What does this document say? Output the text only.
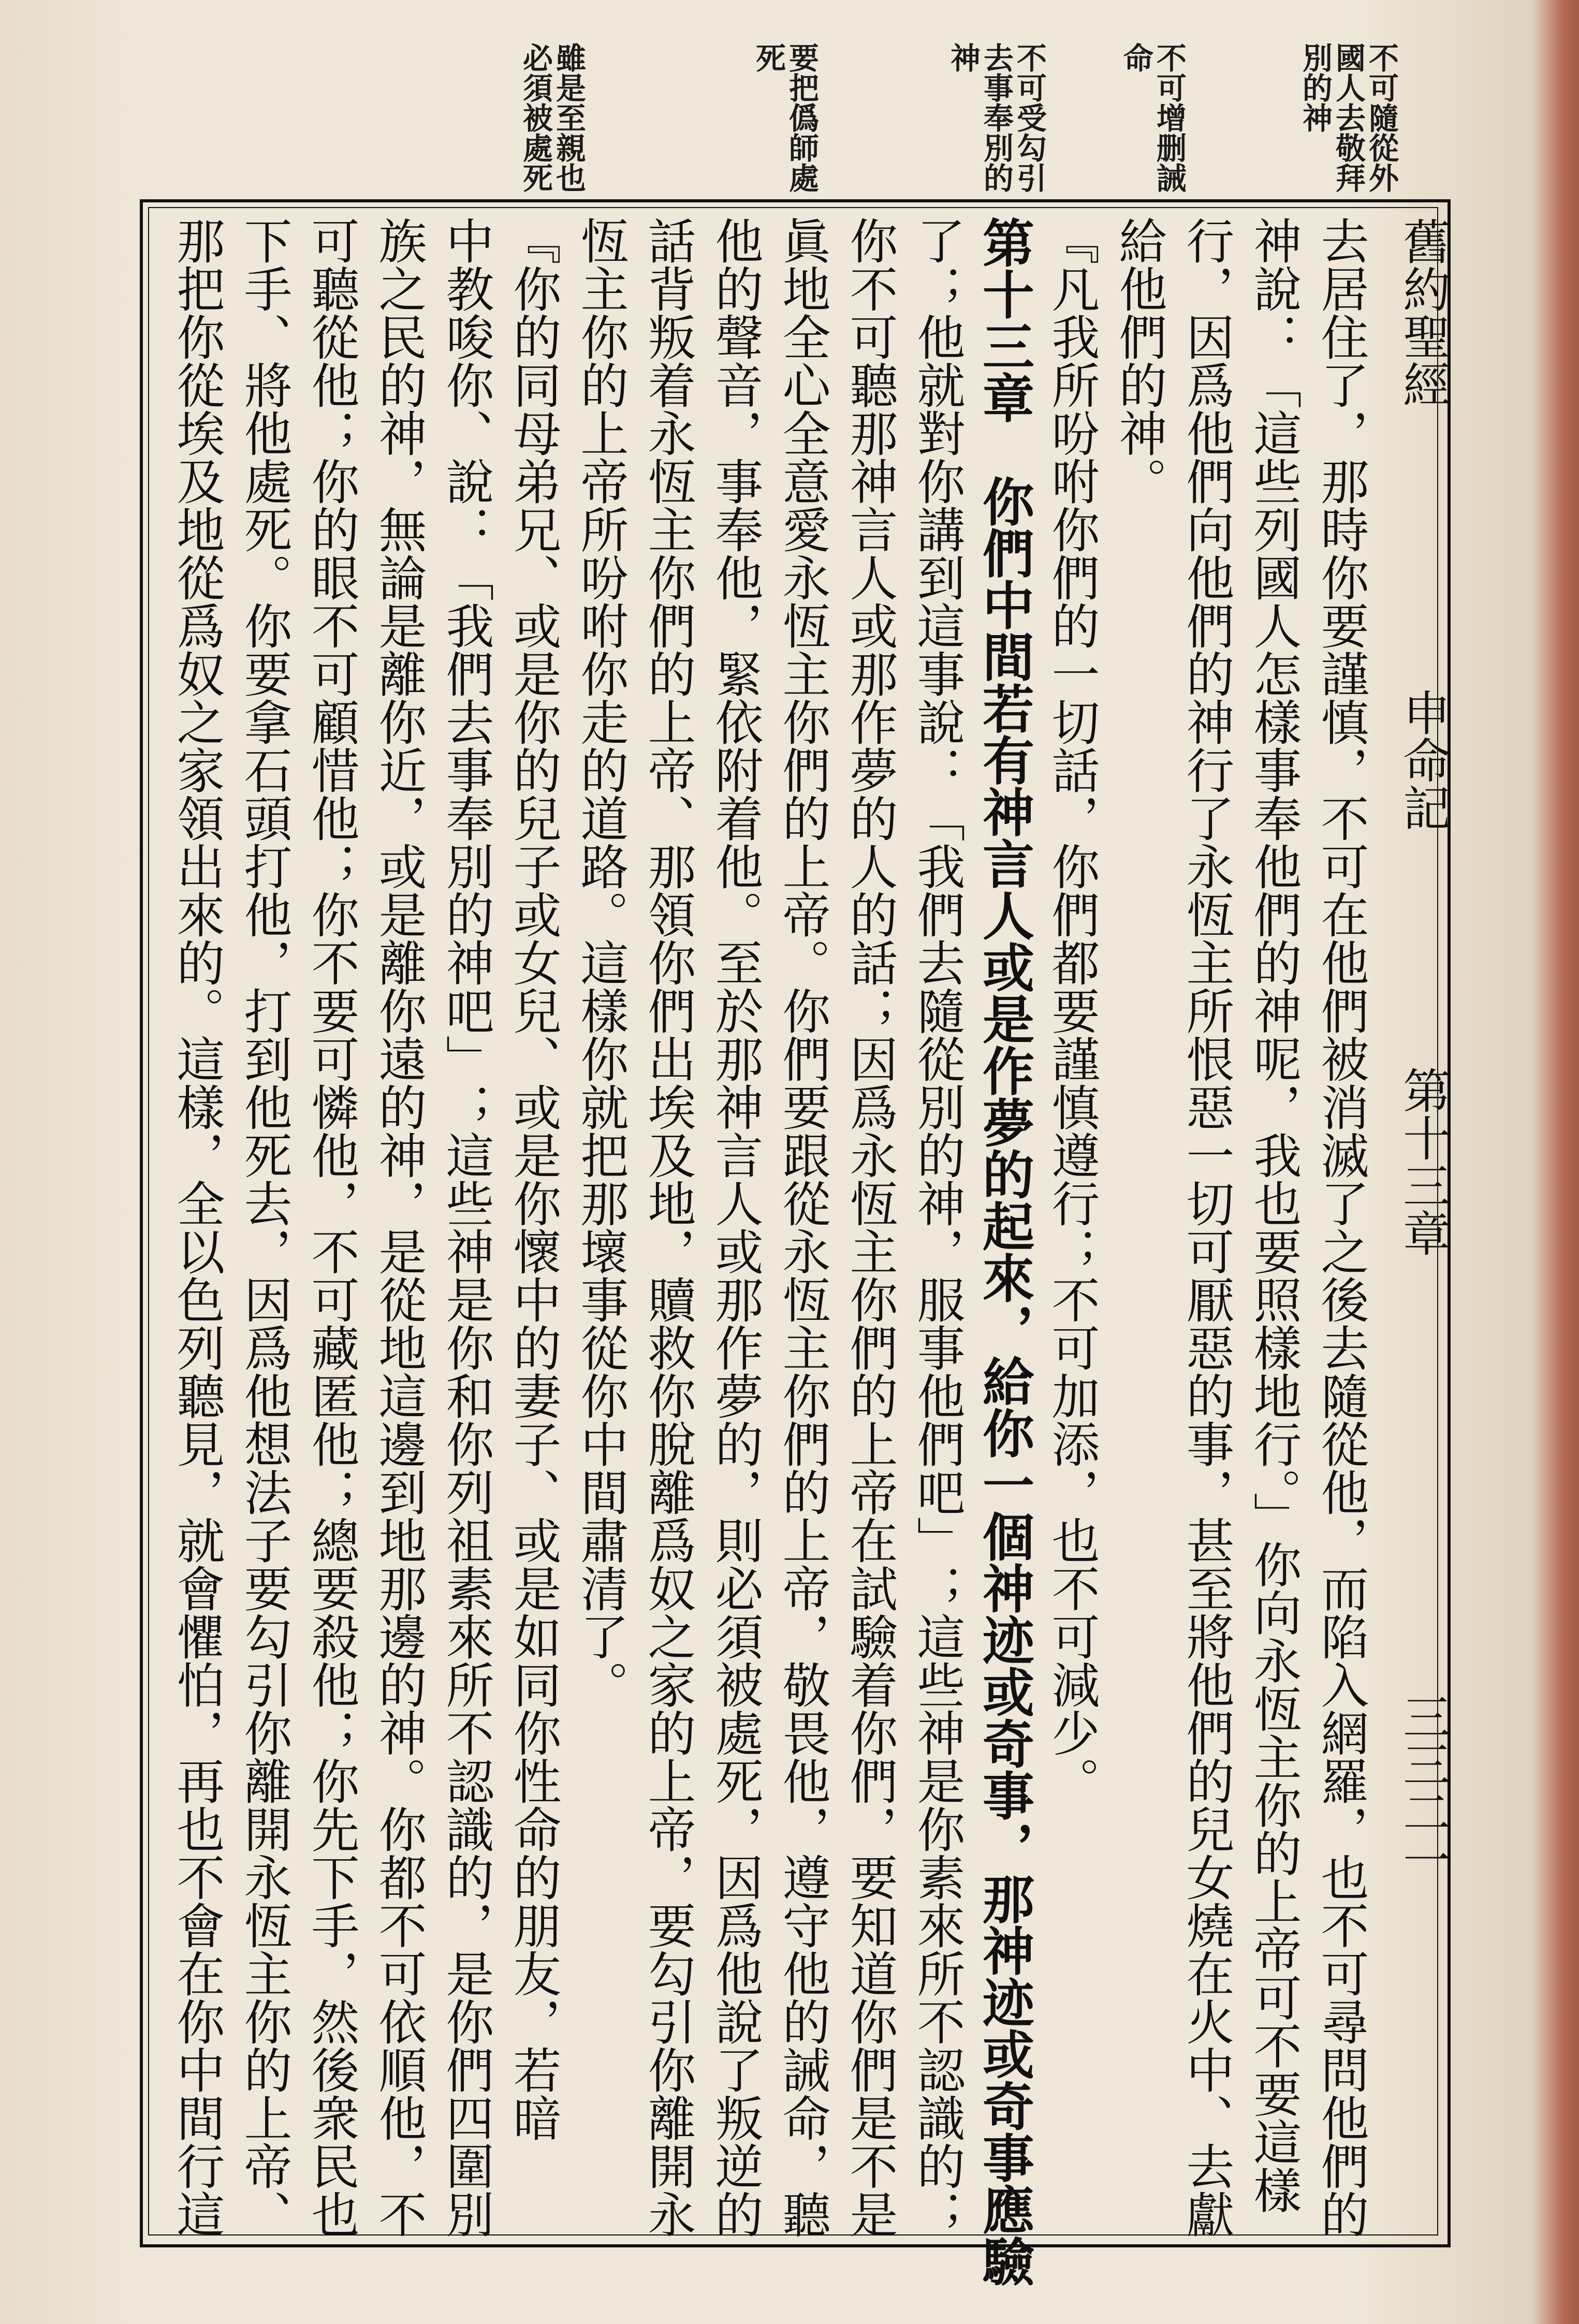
不可隨從外國人去敬拜別的神
不可增删誡命
不可受勾引去事奉別的神
要把僞師處死
雖是至親也必須被處死
舊約聖經
申命記
第十三章
三三二一
去居住了，那時你要謹慎，不可在他們被消滅了之後去隨從他，而陷入網羅，也不可尋問他們的
神說：「這些列國人怎樣事奉他們的神呢，我也要照樣地行。」你向永恆主你的上帝可不要這樣
行，因爲他們向他們的神行了永恆主所恨惡一切可厭惡的事，甚至將他們的兒女燒在火中、去獻
給他們的神。
『凡我所吩咐你們的一切話，你們都要謹慎遵行；不可加添，也不可減少。
第十三章　你們中間若有神言人或是作夢的起來，給你一個神迹或奇事，那神迹或奇事應驗
了；他就對你講到這事說：「我們去隨從別的神，服事他們吧」；這些神是你素來所不認識的；
你不可聽那神言人或那作夢的人的話；因爲永恆主你們的上帝在試驗着你們，要知道你們是不是
眞地全心全意愛永恆主你們的上帝。你們要跟從永恆主你們的上帝，敬畏他，遵守他的誡命，聽
他的聲音，事奉他，緊依附着他。至於那神言人或那作夢的，則必須被處死，因爲他說了叛逆的
話背叛着永恆主你們的上帝、那領你們出埃及地，贖救你脫離爲奴之家的上帝，要勾引你離開永
恆主你的上帝所吩咐你走的道路。這樣你就把那壞事從你中間肅清了。
『你的同母弟兄、或是你的兒子或女兒、或是你懷中的妻子、或是如同你性命的朋友，若暗
中教唆你、說：「我們去事奉別的神吧」；這些神是你和你列祖素來所不認識的，是你們四圍別
族之民的神，無論是離你近，或是離你遠的神，是從地這邊到地那邊的神。你都不可依順他，不
可聽從他；你的眼不可顧惜他；你不要可憐他，不可藏匿他；總要殺他；你先下手，然後衆民也
下手、將他處死。你要拿石頭打他，打到他死去，因爲他想法子要勾引你離開永恆主你的上帝、
那把你從埃及地從爲奴之家領出來的。這樣，全以色列聽見，就會懼怕，再也不會在你中間行這
